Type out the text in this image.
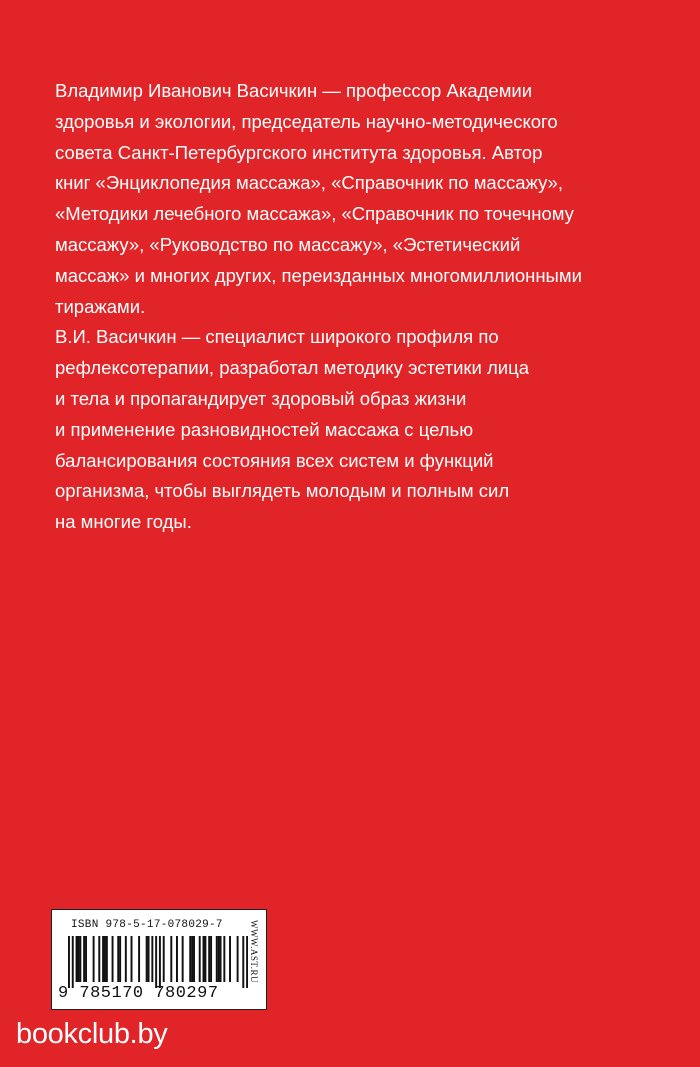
Владимир Иванович Васичкин — профессор Академии
здоровья и экологии, председатель научно-методического
совета Санкт-Петербургского института здоровья. Автор
книг «Энциклопедия массажа», «Справочник по массажу»,
«Методики лечебного массажа», «Справочник по точечному
массажу», «Руководство по массажу», «Эстетический
массаж» и многих других, переизданных многомиллионными
тиражами.
В.И. Васичкин — специалист широкого профиля по
рефлексотерапии, разработал методику эстетики лица
и тела и пропагандирует здоровый образ жизни
и применение разновидностей массажа с целью
балансирования состояния всех систем и функций
организма, чтобы выглядеть молодым и полным сил
на многие годы.
ISBN 978-5-17-078029-7	WWW.AST.RU
9 785170 780297
bookclub.by
